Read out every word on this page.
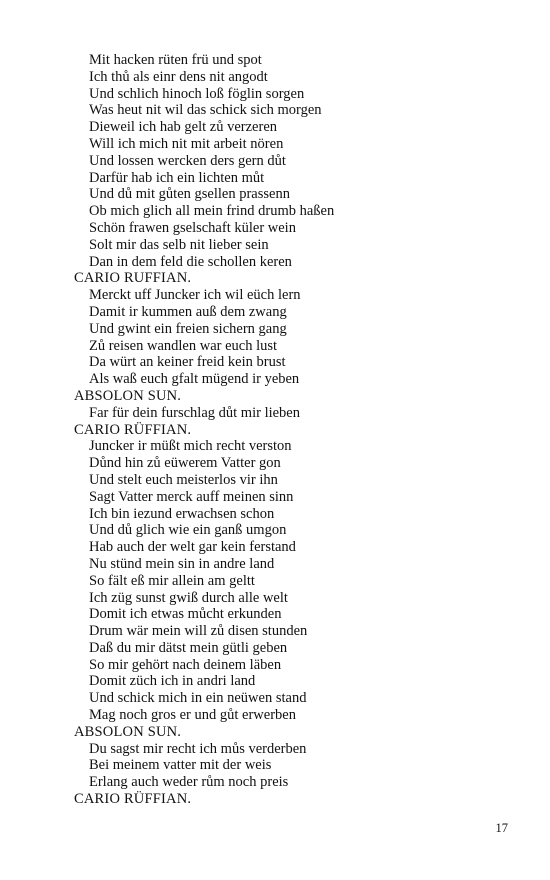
Mit hacken rüten frü und spot
Ich thů als einr dens nit angodt
Und schlich hinoch loß föglin sorgen
Was heut nit wil das schick sich morgen
Dieweil ich hab gelt zů verzeren
Will ich mich nit mit arbeit nören
Und lossen wercken ders gern důt
Darfür hab ich ein lichten můt
Und dů mit gůten gsellen prassenn
Ob mich glich all mein frind drumb haßen
Schön frawen gselschaft küler wein
Solt mir das selb nit lieber sein
Dan in dem feld die schollen keren
CARIO RUFFIAN.
Merckt uff Juncker ich wil eüch lern
Damit ir kummen auß dem zwang
Und gwint ein freien sichern gang
Zů reisen wandlen war euch lust
Da würt an keiner freid kein brust
Als waß euch gfalt mügend ir yeben
ABSOLON SUN.
Far für dein furschlag důt mir lieben
CARIO RÜFFIAN.
Juncker ir müßt mich recht verston
Důnd hin zů eüwerem Vatter gon
Und stelt euch meisterlos vir ihn
Sagt Vatter merck auff meinen sinn
Ich bin iezund erwachsen schon
Und dů glich wie ein ganß umgon
Hab auch der welt gar kein ferstand
Nu stünd mein sin in andre land
So fält eß mir allein am geltt
Ich züg sunst gwiß durch alle welt
Domit ich etwas můcht erkunden
Drum wär mein will zů disen stunden
Daß du mir dätst mein gütli geben
So mir gehört nach deinem läben
Domit züch ich in andri land
Und schick mich in ein neüwen stand
Mag noch gros er und gůt erwerben
ABSOLON SUN.
Du sagst mir recht ich můs verderben
Bei meinem vatter mit der weis
Erlang auch weder rům noch preis
CARIO RÜFFIAN.
17
